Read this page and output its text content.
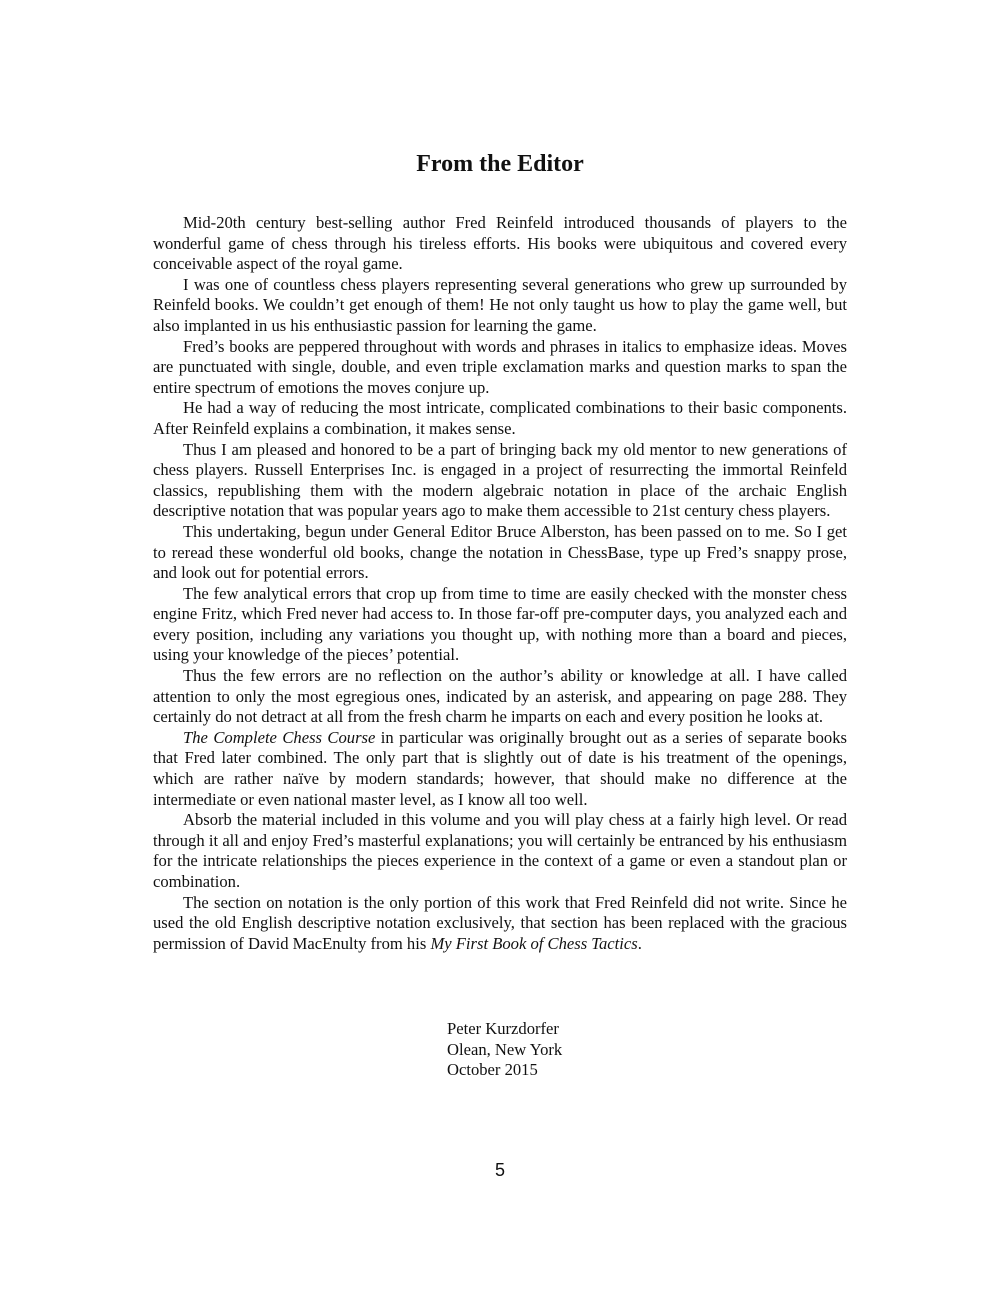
From the Editor

Mid-20th century best-selling author Fred Reinfeld introduced thousands of players to the wonderful game of chess through his tireless efforts. His books were ubiquitous and covered every conceivable aspect of the royal game.

I was one of countless chess players representing several generations who grew up surrounded by Reinfeld books. We couldn’t get enough of them! He not only taught us how to play the game well, but also implanted in us his enthusiastic passion for learning the game.

Fred’s books are peppered throughout with words and phrases in italics to emphasize ideas. Moves are punctuated with single, double, and even triple exclamation marks and question marks to span the entire spectrum of emotions the moves conjure up.

He had a way of reducing the most intricate, complicated combinations to their basic components. After Reinfeld explains a combination, it makes sense.

Thus I am pleased and honored to be a part of bringing back my old mentor to new generations of chess players. Russell Enterprises Inc. is engaged in a project of resurrecting the immortal Reinfeld classics, republishing them with the modern algebraic notation in place of the archaic English descriptive notation that was popular years ago to make them accessible to 21st century chess players.

This undertaking, begun under General Editor Bruce Alberston, has been passed on to me. So I get to reread these wonderful old books, change the notation in ChessBase, type up Fred’s snappy prose, and look out for potential errors.

The few analytical errors that crop up from time to time are easily checked with the monster chess engine Fritz, which Fred never had access to. In those far-off pre-computer days, you analyzed each and every position, including any variations you thought up, with nothing more than a board and pieces, using your knowledge of the pieces’ potential.

Thus the few errors are no reflection on the author’s ability or knowledge at all. I have called attention to only the most egregious ones, indicated by an asterisk, and appearing on page 288. They certainly do not detract at all from the fresh charm he imparts on each and every position he looks at.

The Complete Chess Course in particular was originally brought out as a series of separate books that Fred later combined. The only part that is slightly out of date is his treatment of the openings, which are rather naïve by modern standards; however, that should make no difference at the intermediate or even national master level, as I know all too well.

Absorb the material included in this volume and you will play chess at a fairly high level. Or read through it all and enjoy Fred’s masterful explanations; you will certainly be entranced by his enthusiasm for the intricate relationships the pieces experience in the context of a game or even a standout plan or combination.

The section on notation is the only portion of this work that Fred Reinfeld did not write. Since he used the old English descriptive notation exclusively, that section has been replaced with the gracious permission of David MacEnulty from his My First Book of Chess Tactics.

Peter Kurzdorfer
Olean, New York
October 2015
5
